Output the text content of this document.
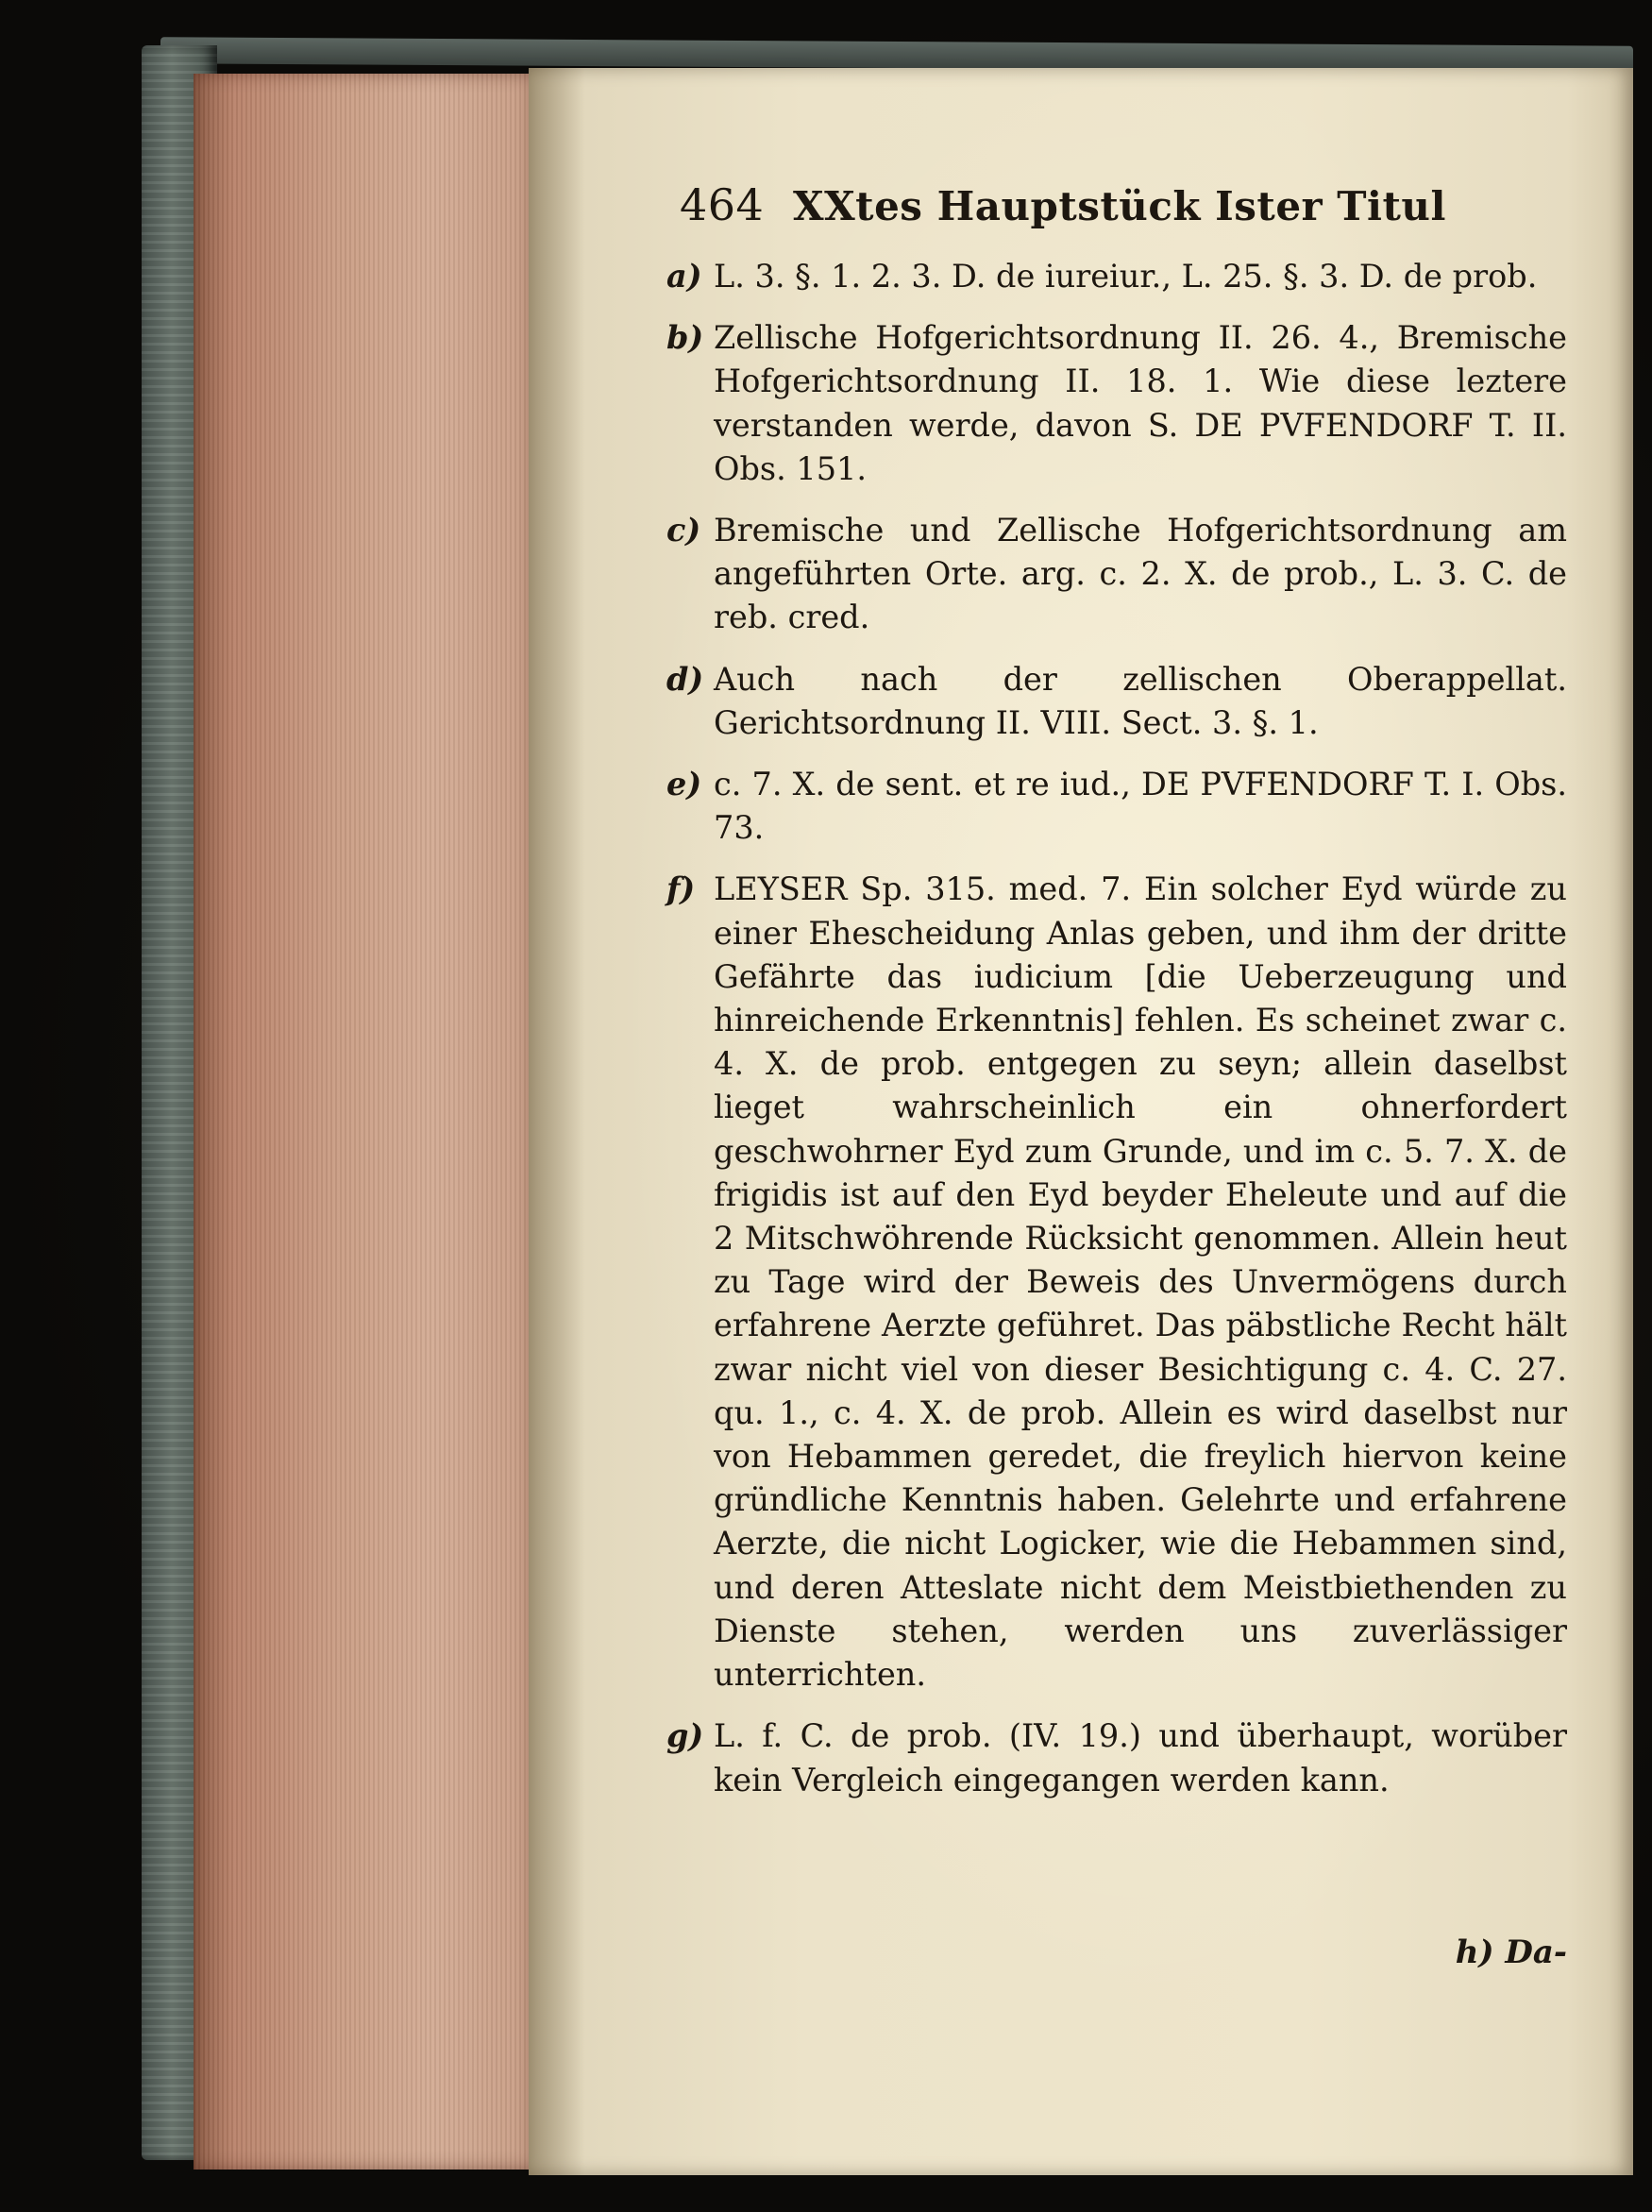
464 XXtes Hauptstück Ister Titul
a) L. 3. §. 1. 2. 3. D. de iureiur., L. 25. §. 3. D. de prob.
b) Zellische Hofgerichtsordnung II. 26. 4., Bremische Hofgerichtsordnung II. 18. 1. Wie diese leztere verstanden werde, davon S. DE PVFENDORF T. II. Obs. 151.
c) Bremische und Zellische Hofgerichtsordnung am angeführten Orte. arg. c. 2. X. de prob., L. 3. C. de reb. cred.
d) Auch nach der zellischen Oberappellat. Gerichtsordnung II. VIII. Sect. 3. §. 1.
e) c. 7. X. de sent. et re iud., DE PVFENDORF T. I. Obs. 73.
f) LEYSER Sp. 315. med. 7. Ein solcher Eyd würde zu einer Ehescheidung Anlas geben, und ihm der dritte Gefährte das iudicium [die Ueberzeugung und hinreichende Erkenntnis] fehlen. Es scheinet zwar c. 4. X. de prob. entgegen zu seyn; allein daselbst lieget wahrscheinlich ein ohnerfordert geschwohrner Eyd zum Grunde, und im c. 5. 7. X. de frigidis ist auf den Eyd beyder Eheleute und auf die 2 Mitschwöhrende Rücksicht genommen. Allein heut zu Tage wird der Beweis des Unvermögens durch erfahrene Aerzte geführet. Das päbstliche Recht hält zwar nicht viel von dieser Besichtigung c. 4. C. 27. qu. 1., c. 4. X. de prob. Allein es wird daselbst nur von Hebammen geredet, die freylich hiervon keine gründliche Kenntnis haben. Gelehrte und erfahrene Aerzte, die nicht Logicker, wie die Hebammen sind, und deren Atteslate nicht dem Meistbiethenden zu Dienste stehen, werden uns zuverlässiger unterrichten.
g) L. f. C. de prob. (IV. 19.) und überhaupt, worüber kein Vergleich eingegangen werden kann.
h) Da-
